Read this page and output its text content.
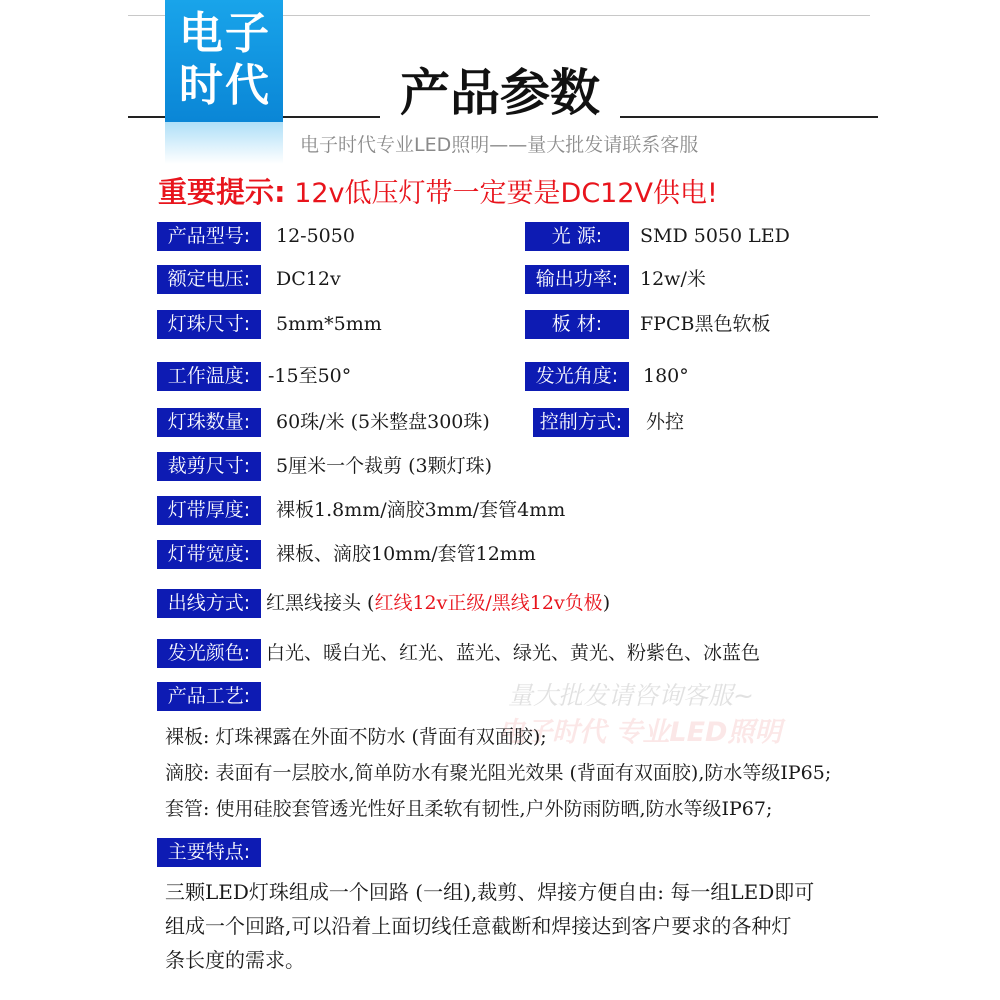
电子
时代	产品参数
电子时代专业LED照明——量大批发请联系客服
重要提示: 12v低压灯带一定要是DC12V供电!
产品型号:	12-5050	光 源:	SMD 5050 LED
额定电压:	DC12v	输出功率:	12w/米
灯珠尺寸:	5mm*5mm	板 材:	FPCB黑色软板
工作温度: -15至50°	发光角度:	180°
灯珠数量:	60珠/米 (5米整盘300珠)	控制方式:	外控
裁剪尺寸:	5厘米一个裁剪 (3颗灯珠)
灯带厚度:	裸板1.8mm/滴胶3mm/套管4mm
灯带宽度:	裸板、滴胶10mm/套管12mm
出线方式: 红黑线接头 (红线12v正级/黑线12v负极)
发光颜色: 白光、暖白光、红光、蓝光、绿光、黄光、粉紫色、冰蓝色
量大批发请咨询客服~
电子时代 专业LED照明
产品工艺:
裸板: 灯珠裸露在外面不防水 (背面有双面胶);
滴胶: 表面有一层胶水,简单防水有聚光阻光效果 (背面有双面胶),防水等级IP65;
套管: 使用硅胶套管透光性好且柔软有韧性,户外防雨防晒,防水等级IP67;
主要特点:
三颗LED灯珠组成一个回路 (一组),裁剪、焊接方便自由: 每一组LED即可
组成一个回路,可以沿着上面切线任意截断和焊接达到客户要求的各种灯
条长度的需求。
